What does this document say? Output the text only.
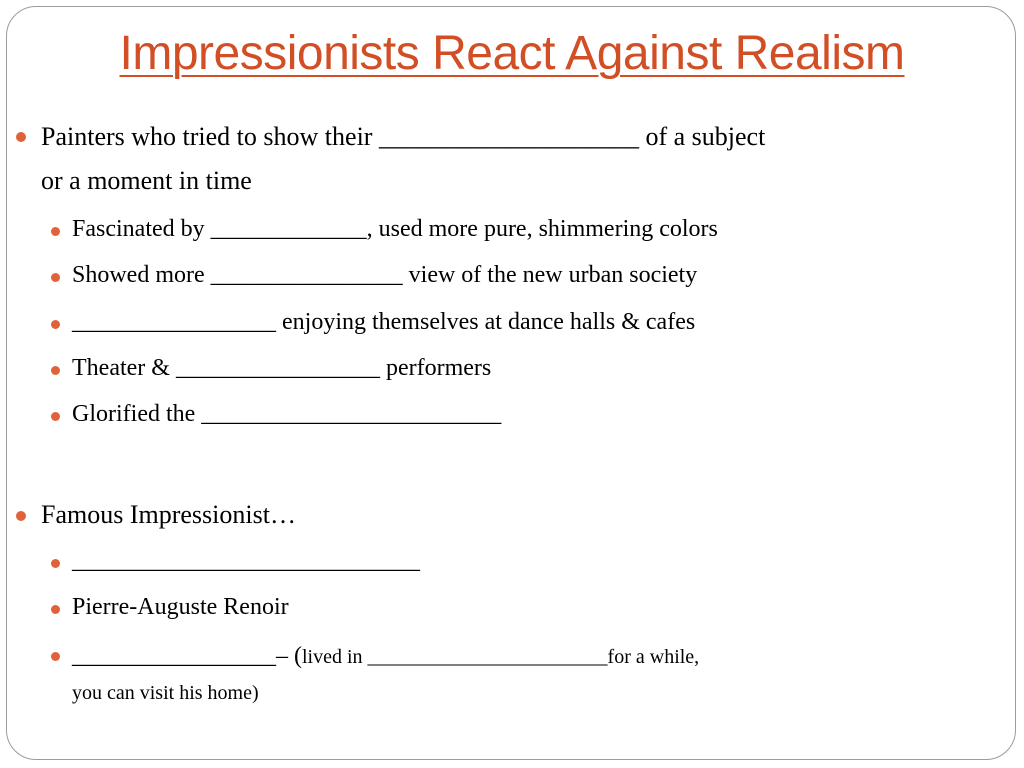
Impressionists React Against Realism
Painters who tried to show their ____________________ of a subject
or a moment in time
Fascinated by _____________, used more pure, shimmering colors
Showed more ________________ view of the new urban society
_________________ enjoying themselves at dance halls & cafes
Theater & _________________ performers
Glorified the _________________________
Famous Impressionist…
_____________________________
Pierre-Auguste Renoir
_________________– (lived in ________________________for a while,
you can visit his home)
